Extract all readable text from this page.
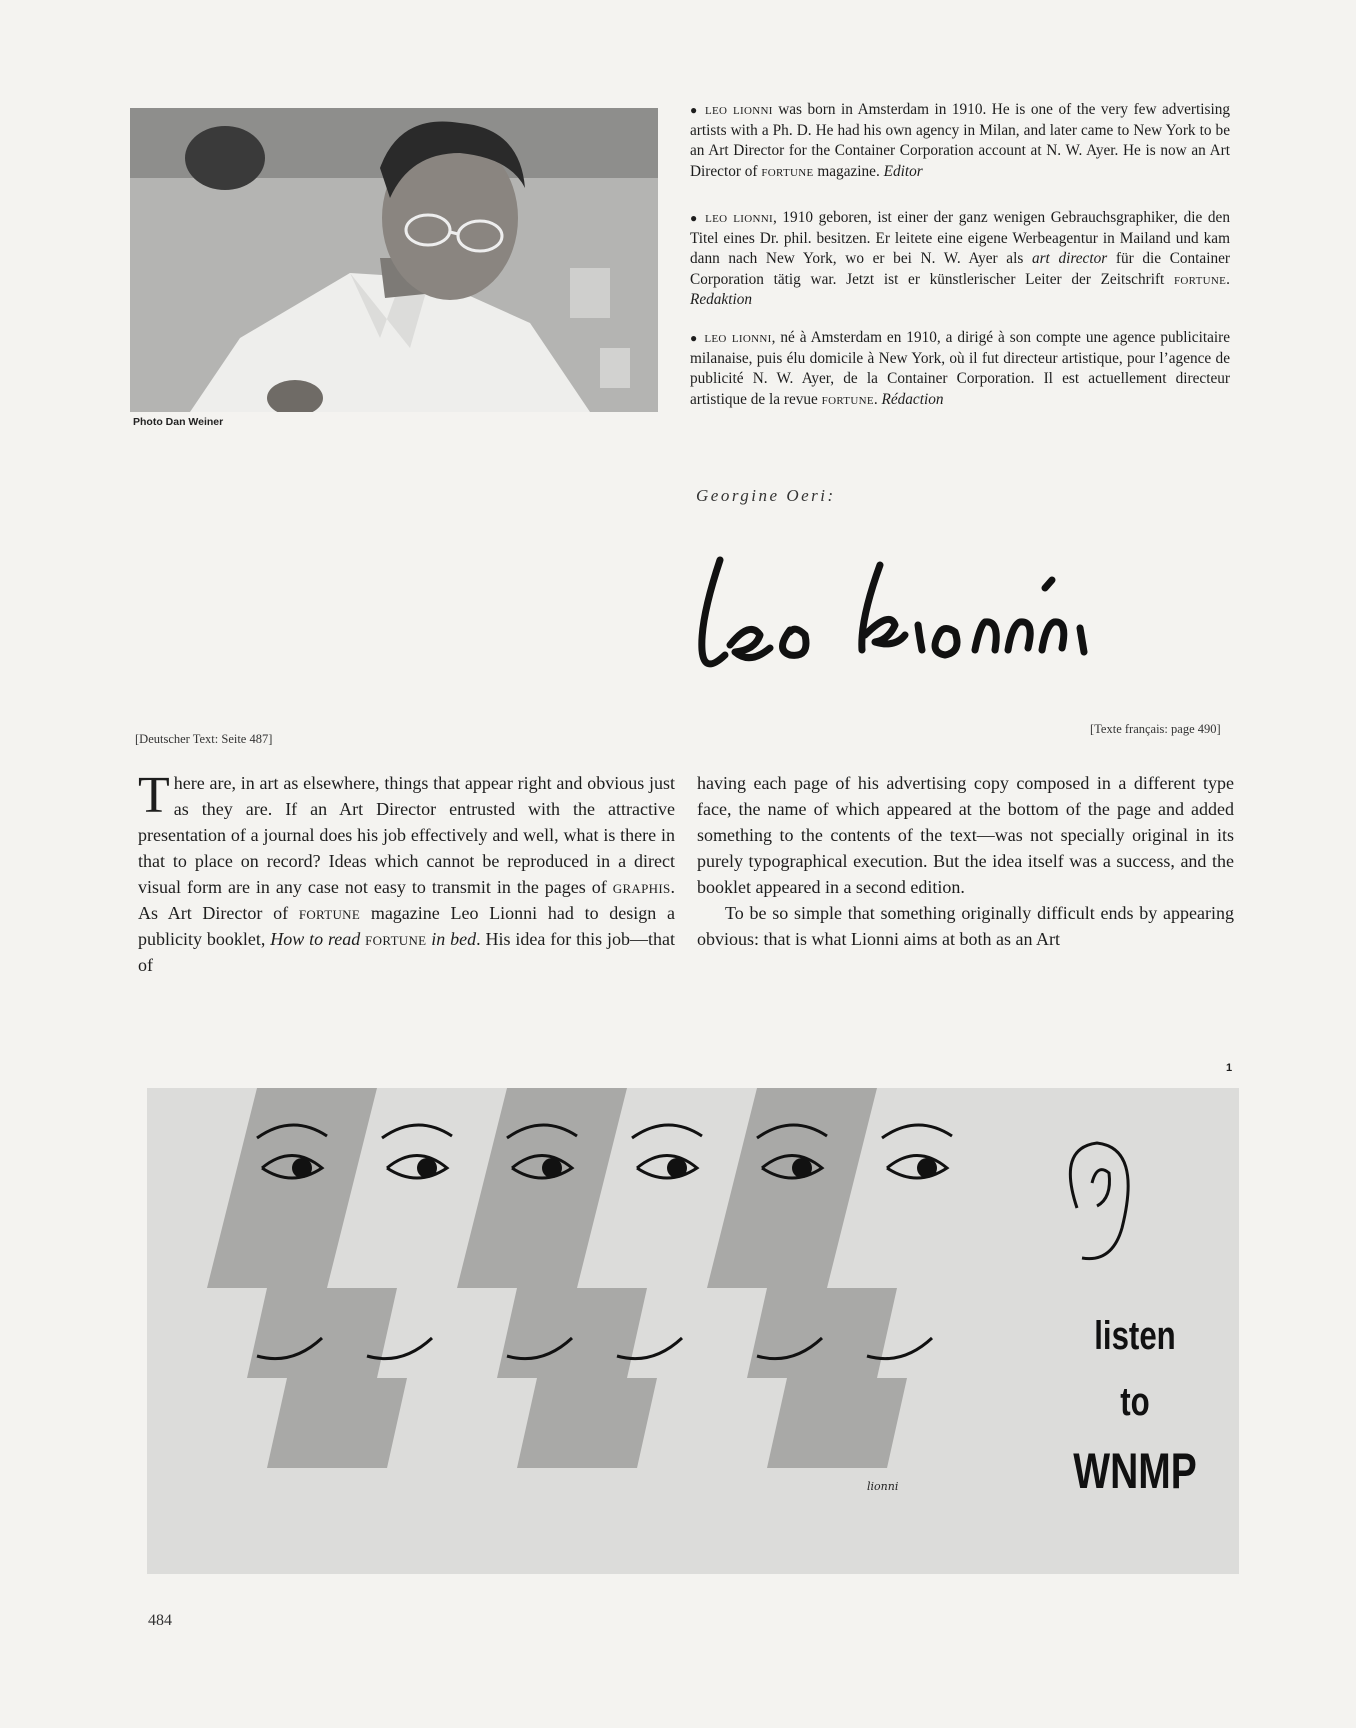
Photo Dan Weiner
● leo lionni was born in Amsterdam in 1910. He is one of the very few advertising artists with a Ph. D. He had his own agency in Milan, and later came to New York to be an Art Director for the Container Corporation account at N. W. Ayer. He is now an Art Director of fortune magazine. Editor
● leo lionni, 1910 geboren, ist einer der ganz wenigen Gebrauchsgraphiker, die den Titel eines Dr. phil. besitzen. Er leitete eine eigene Werbeagentur in Mailand und kam dann nach New York, wo er bei N. W. Ayer als art director für die Container Corporation tätig war. Jetzt ist er künstlerischer Leiter der Zeitschrift fortune. Redaktion
● leo lionni, né à Amsterdam en 1910, a dirigé à son compte une agence publicitaire milanaise, puis élu domicile à New York, où il fut directeur artistique, pour l’agence de publicité N. W. Ayer, de la Container Corporation. Il est actuellement directeur artistique de la revue fortune. Rédaction
Georgine Oeri:
[Deutscher Text: Seite 487]
[Texte français: page 490]

There are, in art as elsewhere, things that appear right and obvious just as they are. If an Art Director entrusted with the attractive presentation of a journal does his job effectively and well, what is there in that to place on record? Ideas which cannot be reproduced in a direct visual form are in any case not easy to transmit in the pages of graphis. As Art Director of fortune magazine Leo Lionni had to design a publicity booklet, How to read fortune in bed. His idea for this job—that of

having each page of his advertising copy composed in a different type face, the name of which appeared at the bottom of the page and added something to the contents of the text—was not specially original in its purely typographical execution. But the idea itself was a success, and the booklet appeared in a second edition.

To be so simple that something originally difficult ends by appearing obvious: that is what Lionni aims at both as an Art

1
listen
to
WNMP
lionni
484
